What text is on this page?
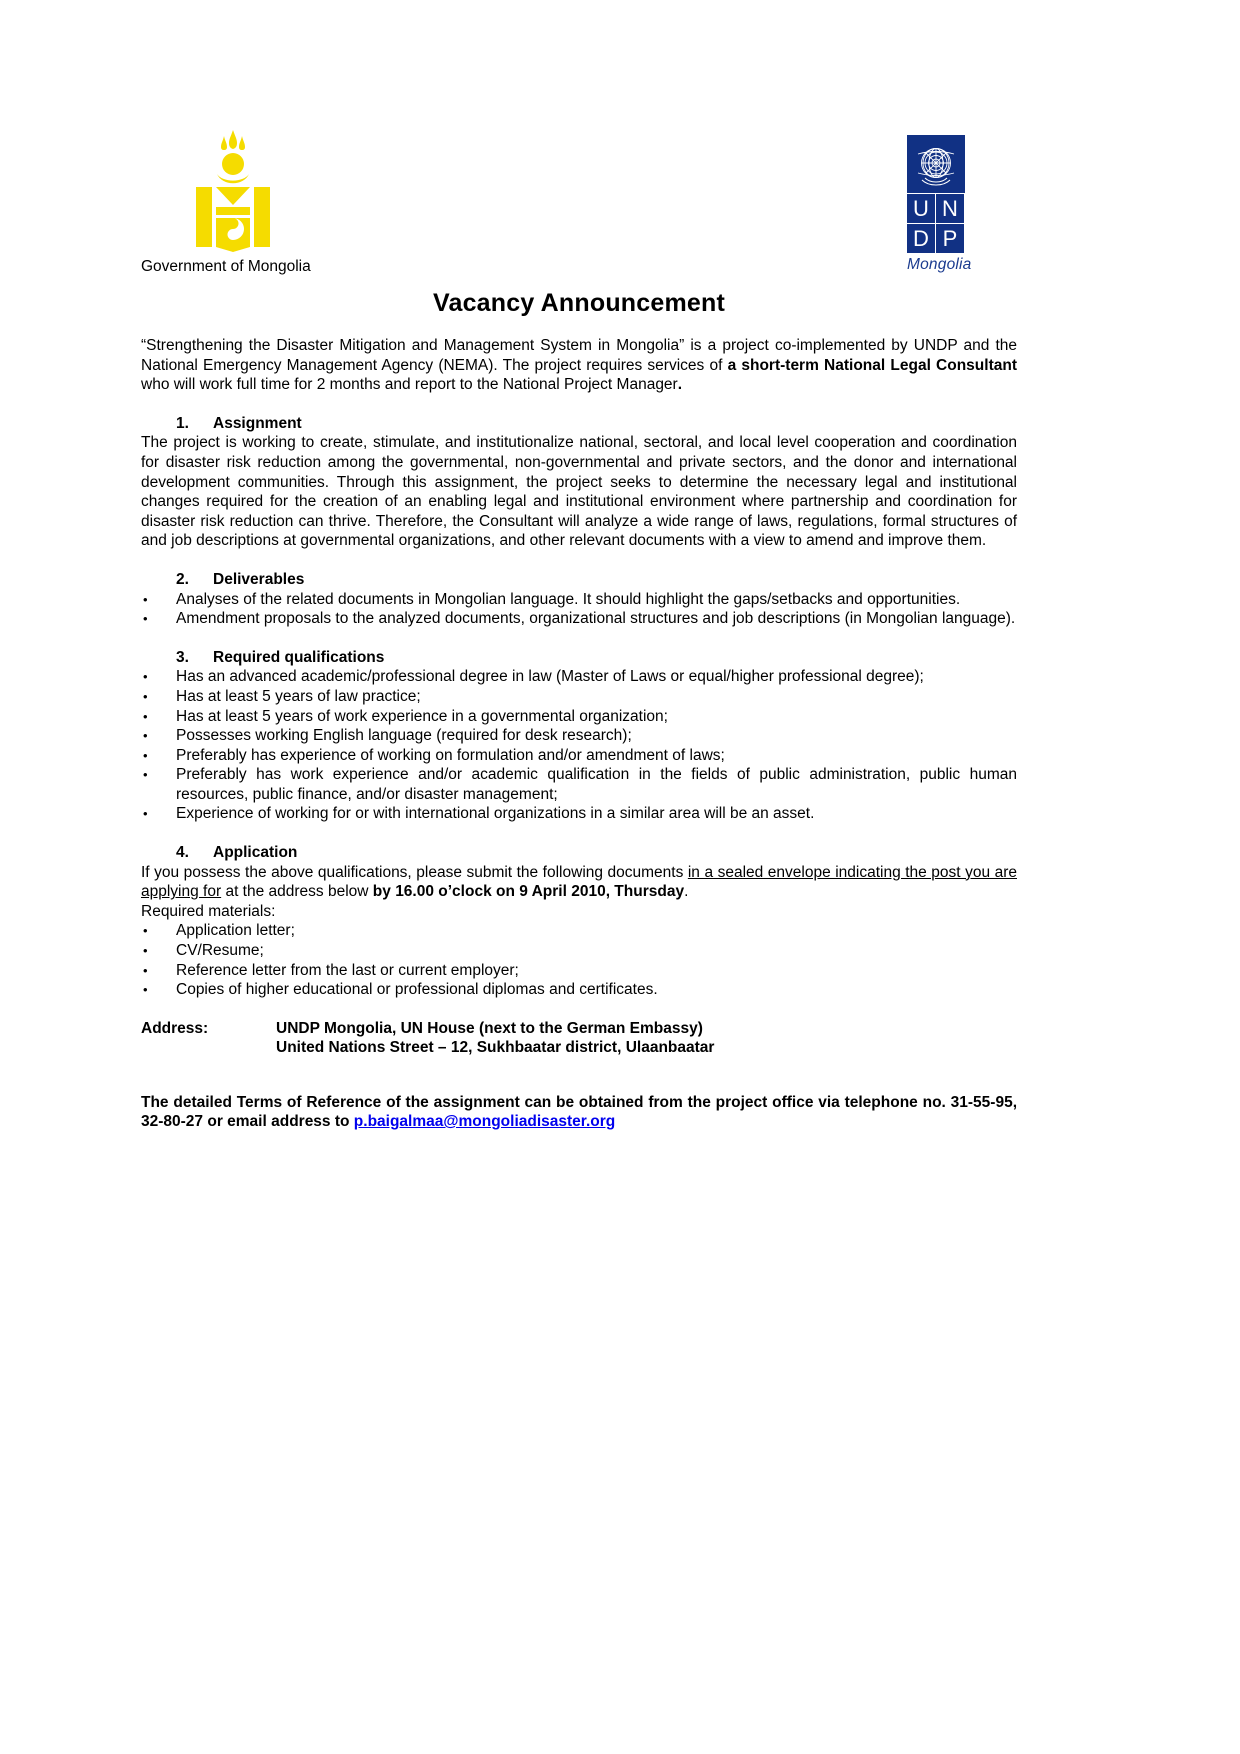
Government of Mongolia
U N
D P
Mongolia
Vacancy Announcement

“Strengthening the Disaster Mitigation and Management System in Mongolia” is a project co-implemented by UNDP and the National Emergency Management Agency (NEMA). The project requires services of a short-term National Legal Consultant who will work full time for 2 months and report to the National Project Manager.

1. Assignment

The project is working to create, stimulate, and institutionalize national, sectoral, and local level cooperation and coordination for disaster risk reduction among the governmental, non-governmental and private sectors, and the donor and international development communities. Through this assignment, the project seeks to determine the necessary legal and institutional changes required for the creation of an enabling legal and institutional environment where partnership and coordination for disaster risk reduction can thrive. Therefore, the Consultant will analyze a wide range of laws, regulations, formal structures of and job descriptions at governmental organizations, and other relevant documents with a view to amend and improve them.

2. Deliverables
• Analyses of the related documents in Mongolian language. It should highlight the gaps/setbacks and opportunities.
• Amendment proposals to the analyzed documents, organizational structures and job descriptions (in Mongolian language).
3. Required qualifications
• Has an advanced academic/professional degree in law (Master of Laws or equal/higher professional degree);
• Has at least 5 years of law practice;
• Has at least 5 years of work experience in a governmental organization;
• Possesses working English language (required for desk research);
• Preferably has experience of working on formulation and/or amendment of laws;
• Preferably has work experience and/or academic qualification in the fields of public administration, public human resources, public finance, and/or disaster management;
• Experience of working for or with international organizations in a similar area will be an asset.
4. Application

If you possess the above qualifications, please submit the following documents in a sealed envelope indicating the post you are applying for at the address below by 16.00 o’clock on 9 April 2010, Thursday.

Required materials:

• Application letter;
• CV/Resume;
• Reference letter from the last or current employer;
• Copies of higher educational or professional diplomas and certificates.
Address:	UNDP Mongolia, UN House (next to the German Embassy)
United Nations Street – 12, Sukhbaatar district, Ulaanbaatar

The detailed Terms of Reference of the assignment can be obtained from the project office via telephone no. 31-55-95, 32-80-27 or email address to p.baigalmaa@mongoliadisaster.org
